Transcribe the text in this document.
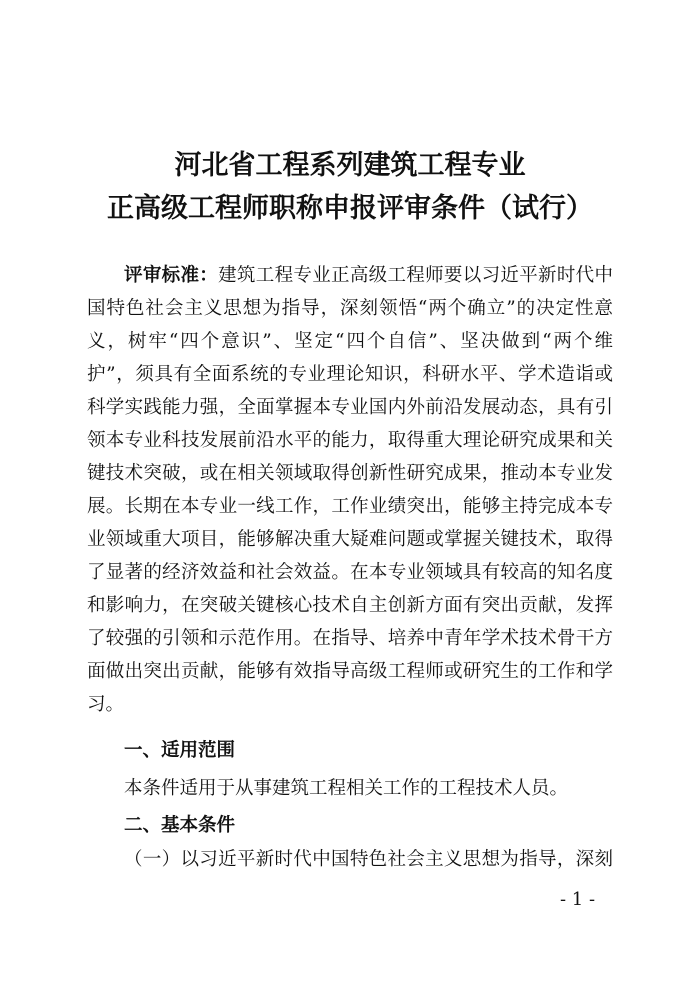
河北省工程系列建筑工程专业
正高级工程师职称申报评审条件（试行）
评审标准：建筑工程专业正高级工程师要以习近平新时代中
国特色社会主义思想为指导，深刻领悟“两个确立”的决定性意
义，树牢“四个意识”、坚定“四个自信”、坚决做到“两个维
护”，须具有全面系统的专业理论知识，科研水平、学术造诣或
科学实践能力强，全面掌握本专业国内外前沿发展动态，具有引
领本专业科技发展前沿水平的能力，取得重大理论研究成果和关
键技术突破，或在相关领域取得创新性研究成果，推动本专业发
展。长期在本专业一线工作，工作业绩突出，能够主持完成本专
业领域重大项目，能够解决重大疑难问题或掌握关键技术，取得
了显著的经济效益和社会效益。在本专业领域具有较高的知名度
和影响力，在突破关键核心技术自主创新方面有突出贡献，发挥
了较强的引领和示范作用。在指导、培养中青年学术技术骨干方
面做出突出贡献，能够有效指导高级工程师或研究生的工作和学
习。
一、适用范围
本条件适用于从事建筑工程相关工作的工程技术人员。
二、基本条件
（一）以习近平新时代中国特色社会主义思想为指导，深刻
- 1 -
